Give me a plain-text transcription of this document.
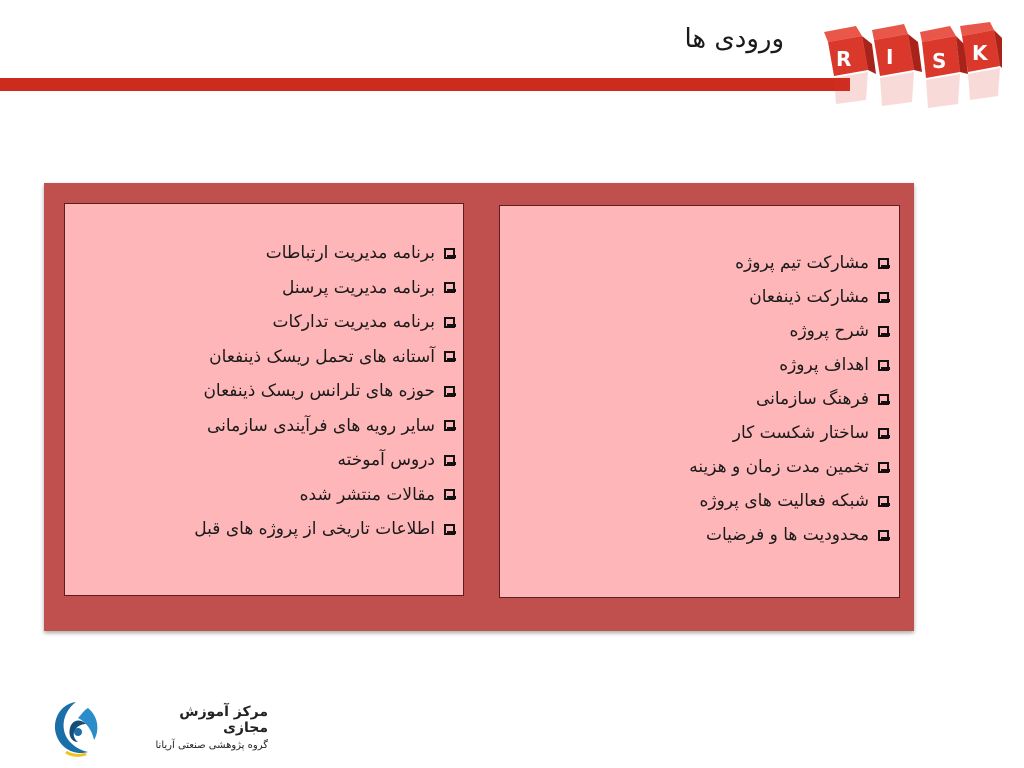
ورودی ها
R I S K
برنامه مدیریت ارتباطات
برنامه مدیریت پرسنل
برنامه مدیریت تدارکات
آستانه های تحمل ریسک ذینفعان
حوزه های تلرانس ریسک ذینفعان
سایر رویه های فرآیندی سازمانی
دروس آموخته
مقالات منتشر شده
اطلاعات تاریخی از پروژه های قبل
مشارکت تیم پروژه
مشارکت ذینفعان
شرح پروژه
اهداف پروژه
فرهنگ سازمانی
ساختار شکست کار
تخمین مدت زمان و هزینه
شبکه فعالیت های پروژه
محدودیت ها و فرضیات
مرکز آموزش مجازی
گروه پژوهشی صنعتی آریانا
